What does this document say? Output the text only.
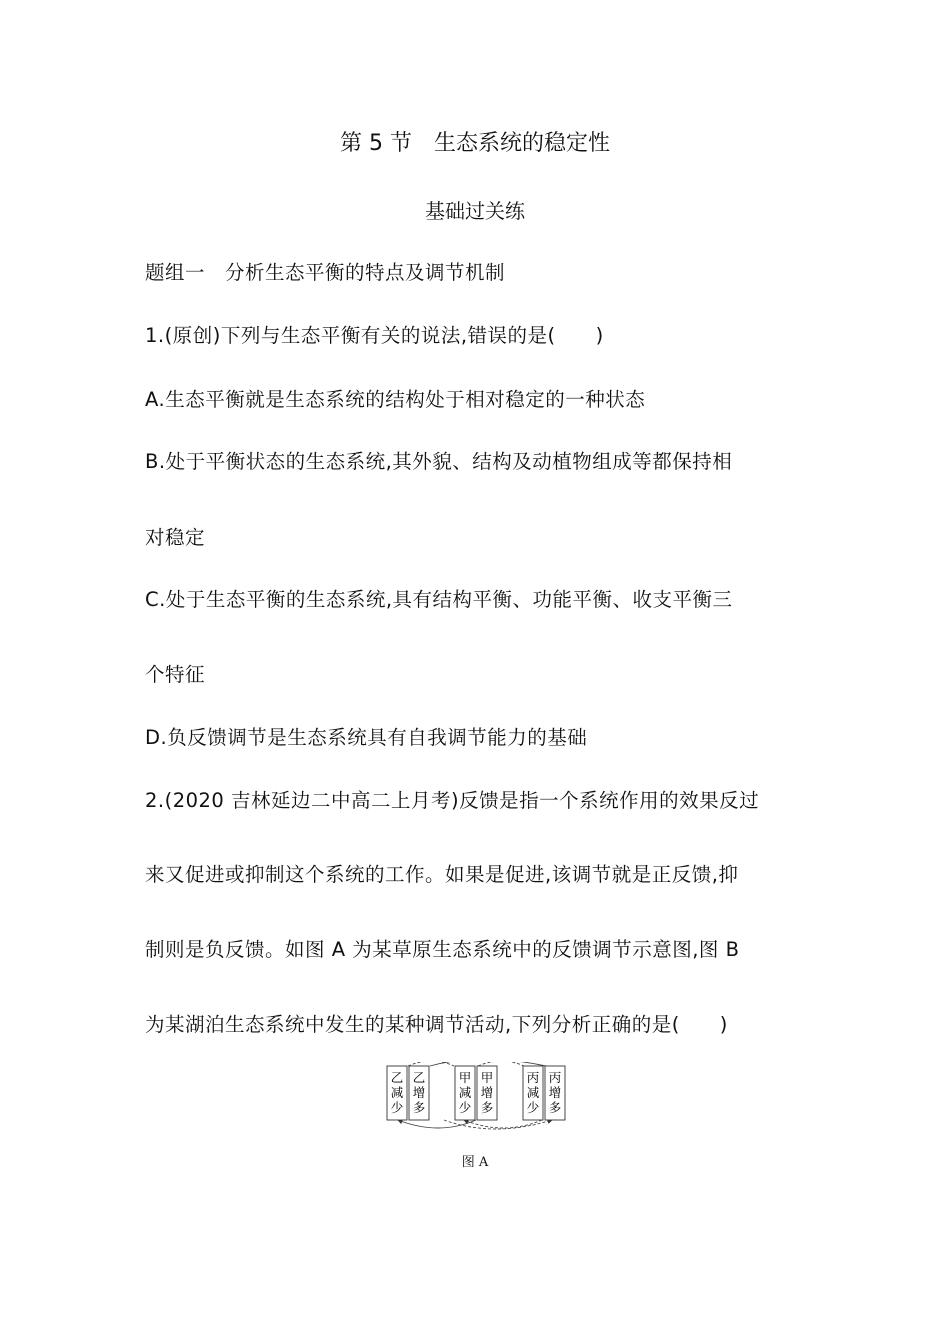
第 5 节　生态系统的稳定性
基础过关练
题组一　分析生态平衡的特点及调节机制
1.(原创)下列与生态平衡有关的说法,错误的是(　　)
A.生态平衡就是生态系统的结构处于相对稳定的一种状态
B.处于平衡状态的生态系统,其外貌、结构及动植物组成等都保持相
对稳定
C.处于生态平衡的生态系统,具有结构平衡、功能平衡、收支平衡三
个特征
D.负反馈调节是生态系统具有自我调节能力的基础
2.(2020 吉林延边二中高二上月考)反馈是指一个系统作用的效果反过
来又促进或抑制这个系统的工作。如果是促进,该调节就是正反馈,抑
制则是负反馈。如图 A 为某草原生态系统中的反馈调节示意图,图 B
为某湖泊生态系统中发生的某种调节活动,下列分析正确的是(　　)
乙
减
少
乙
增
多
甲
减
少
甲
增
多
丙
减
少
丙
增
多
图 A
